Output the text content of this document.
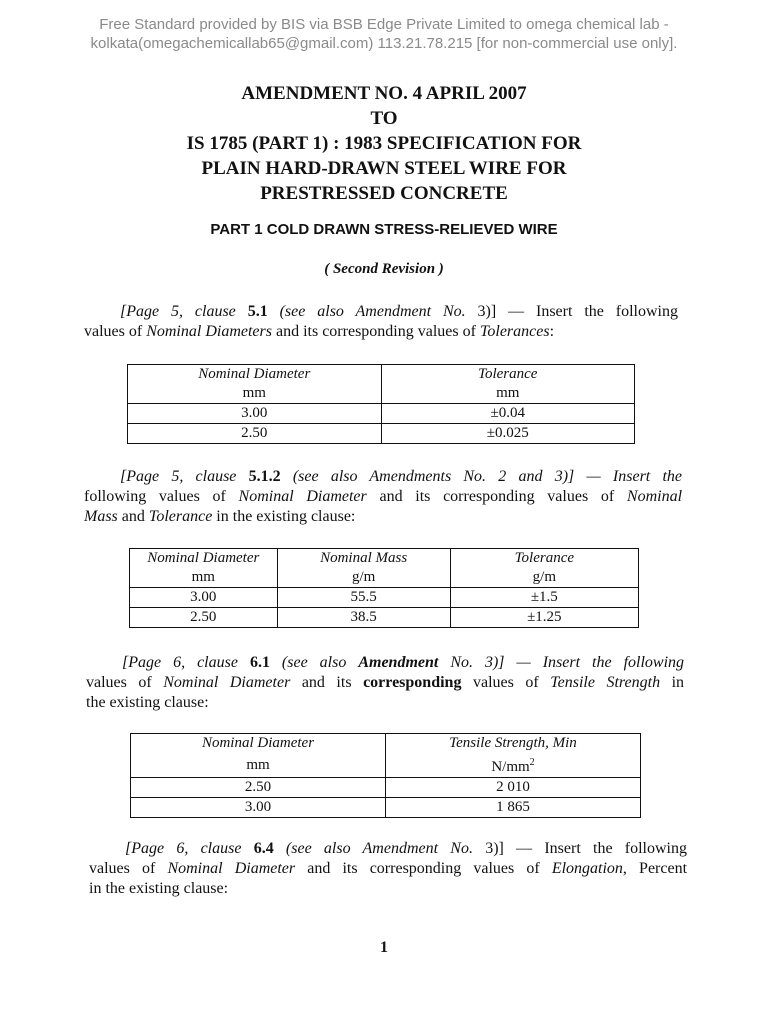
Free Standard provided by BIS via BSB Edge Private Limited to omega chemical lab -
kolkata(omegachemicallab65@gmail.com) 113.21.78.215 [for non-commercial use only].
AMENDMENT NO. 4 APRIL 2007
TO
IS 1785 (PART 1) : 1983 SPECIFICATION FOR
PLAIN HARD-DRAWN STEEL WIRE FOR
PRESTRESSED CONCRETE
PART 1 COLD DRAWN STRESS-RELIEVED WIRE
( Second Revision )
[Page 5, clause 5.1 (see also Amendment No. 3)] — Insert the following
values of Nominal Diameters and its corresponding values of Tolerances:
Nominal Diameter	Tolerance
mm	mm
3.00	±0.04
2.50	±0.025
[Page 5, clause 5.1.2 (see also Amendments No. 2 and 3)] — Insert the
following values of Nominal Diameter and its corresponding values of Nominal
Mass and Tolerance in the existing clause:
Nominal Diameter	Nominal Mass	Tolerance
mm	g/m	g/m
3.00	55.5	±1.5
2.50	38.5	±1.25
[Page 6, clause 6.1 (see also Amendment No. 3)] — Insert the following
values of Nominal Diameter and its corresponding values of Tensile Strength in
the existing clause:
Nominal Diameter	Tensile Strength, Min
mm	$N/mm^2$
2.50	2 010
3.00	1 865
[Page 6, clause 6.4 (see also Amendment No. 3)] — Insert the following
values of Nominal Diameter and its corresponding values of Elongation, Percent
in the existing clause:
1
